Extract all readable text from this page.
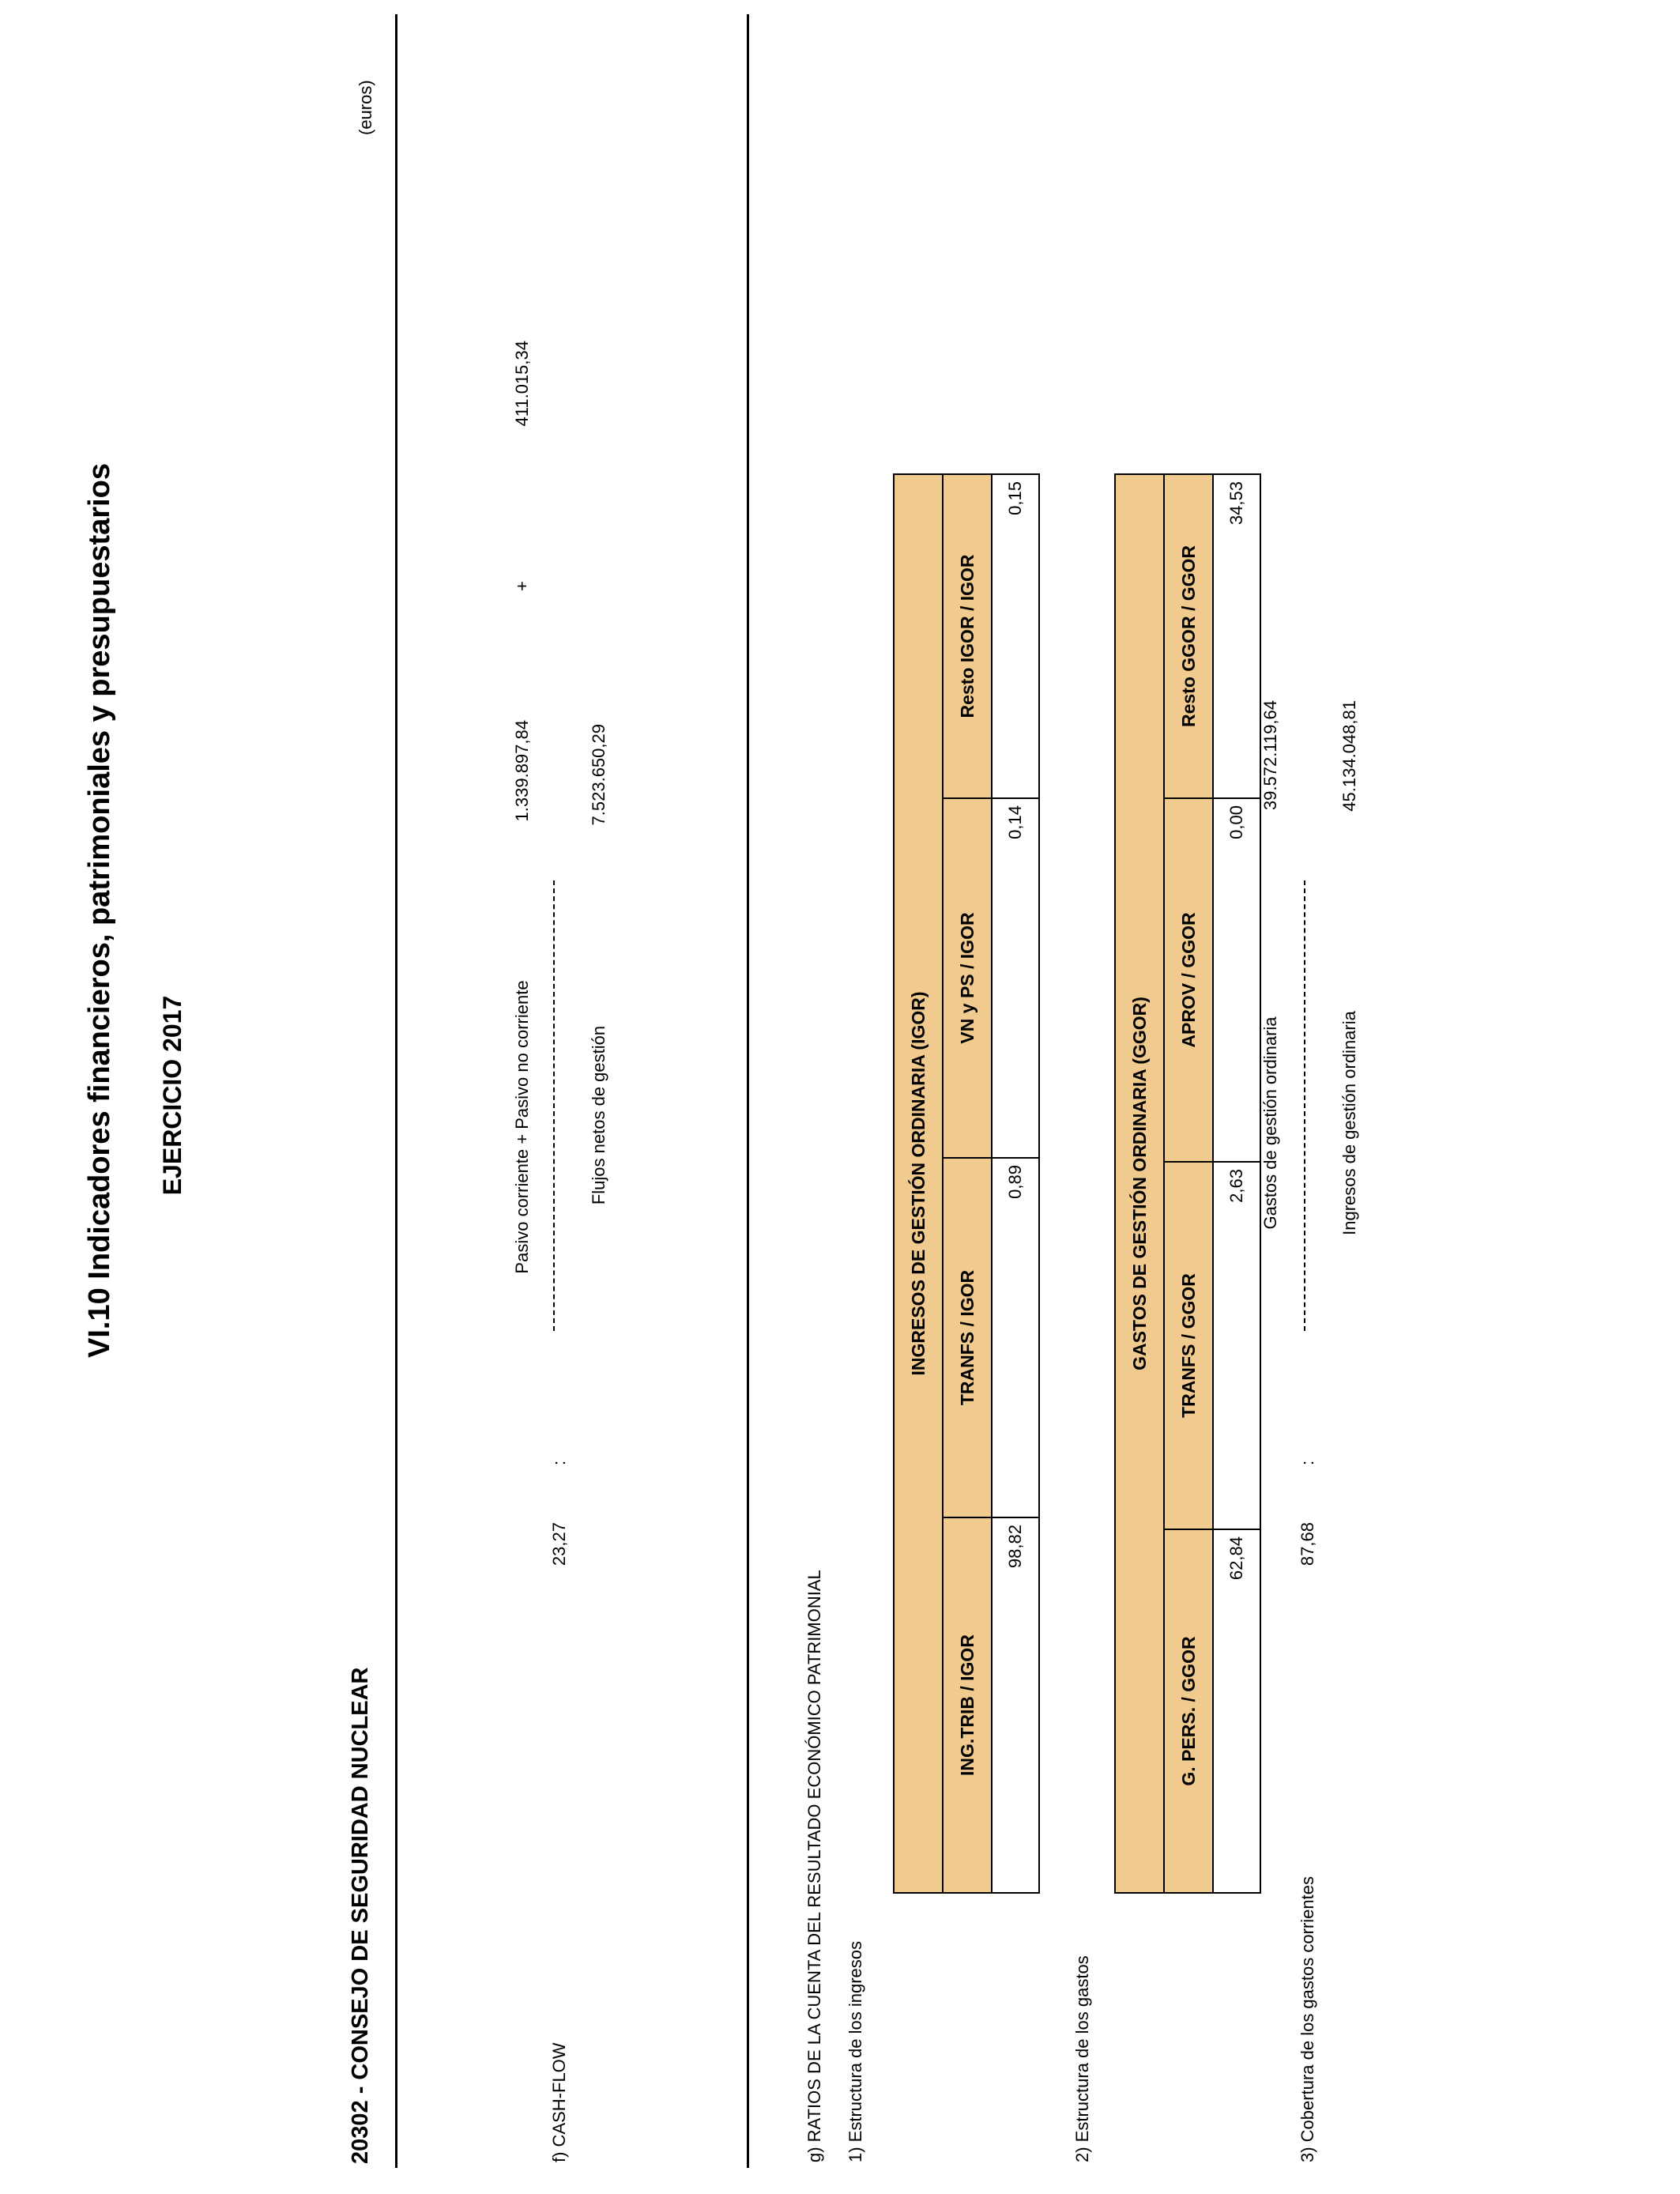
VI.10 Indicadores financieros, patrimoniales y presupuestarios EJERCICIO 2017
20302 - CONSEJO DE SEGURIDAD NUCLEAR
(euros)
f) CASH-FLOW
23,27
:
Pasivo corriente + Pasivo no corriente	Flujos netos de gestión
1.339.897,84
+
411.015,34
7.523.650,29
g) RATIOS DE LA CUENTA DEL RESULTADO ECONÓMICO PATRIMONIAL 1) Estructura de los ingresos
INGRESOS DE GESTIÓN ORDINARIA (IGOR)			
ING.TRIB / IGOR	TRANFS / IGOR	VN y PS / IGOR	Resto IGOR / IGOR
98,82	0,89	0,14	0,15
2) Estructura de los gastos
GASTOS DE GESTIÓN ORDINARIA (GGOR)			
G. PERS. / GGOR	TRANFS / GGOR	APROV / GGOR	Resto GGOR / GGOR
62,84	2,63	0,00	34,53
3) Cobertura de los gastos corrientes
87,68
:
Gastos de gestión ordinaria	Ingresos de gestión ordinaria
39.572.119,64	45.134.048,81
